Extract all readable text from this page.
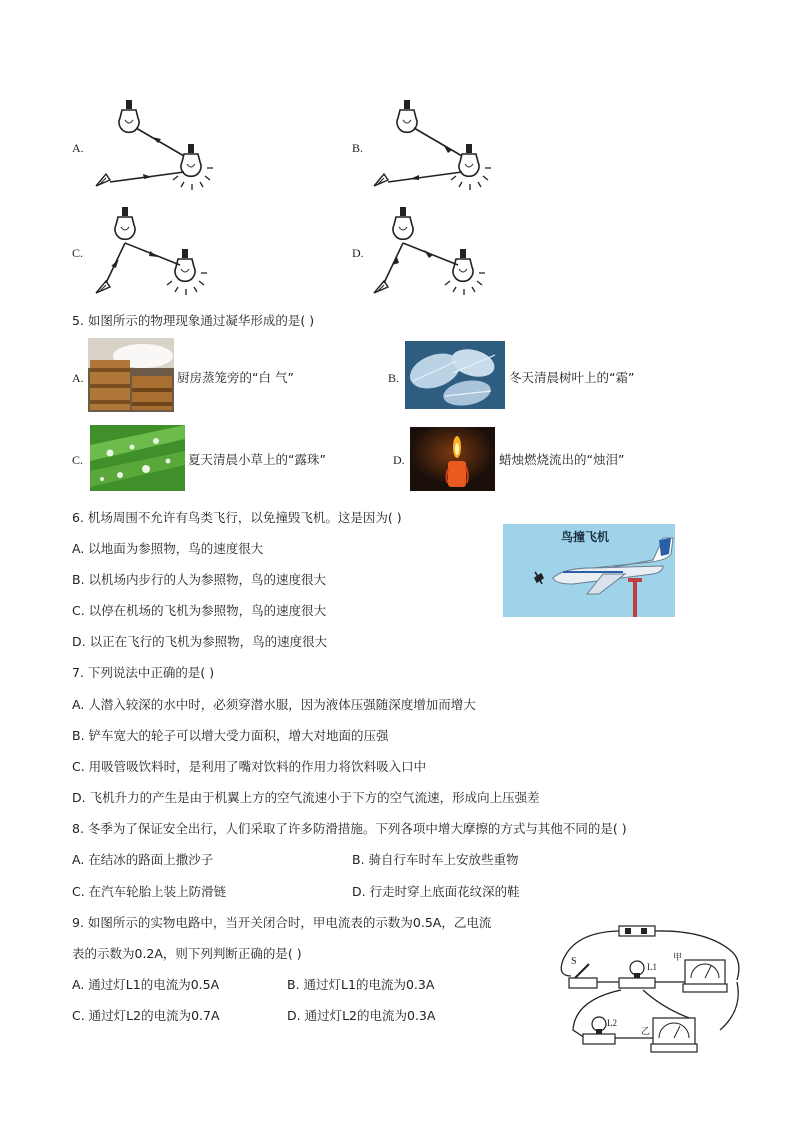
A.	B.
C.	D.
5. 如图所示的物理现象通过凝华形成的是( )
A.	厨房蒸笼旁的“白 气”	B.	冬天清晨树叶上的“霜”
C.	夏天清晨小草上的“露珠”	D.	蜡烛燃烧流出的“烛泪”
6. 机场周围不允许有鸟类飞行，以免撞毁飞机。这是因为( )
A. 以地面为参照物，鸟的速度很大
B. 以机场内步行的人为参照物，鸟的速度很大
C. 以停在机场的飞机为参照物，鸟的速度很大
D. 以正在飞行的飞机为参照物，鸟的速度很大
鸟撞飞机
7. 下列说法中正确的是( )
A. 人潜入较深的水中时，必须穿潜水服，因为液体压强随深度增加而增大
B. 铲车宽大的轮子可以增大受力面积，增大对地面的压强
C. 用吸管吸饮料时，是利用了嘴对饮料的作用力将饮料吸入口中
D. 飞机升力的产生是由于机翼上方的空气流速小于下方的空气流速，形成向上压强差
8. 冬季为了保证安全出行，人们采取了许多防滑措施。下列各项中增大摩擦的方式与其他不同的是( )
A. 在结冰的路面上撒沙子	B. 骑自行车时车上安放些重物
C. 在汽车轮胎上装上防滑链	D. 行走时穿上底面花纹深的鞋
9. 如图所示的实物电路中，当开关闭合时，甲电流表的示数为0.5A，乙电流
表的示数为0.2A，则下列判断正确的是( )
A. 通过灯L1的电流为0.5A	B. 通过灯L1的电流为0.3A
C. 通过灯L2的电流为0.7A	D. 通过灯L2的电流为0.3A
S	L1
甲
L2
乙
